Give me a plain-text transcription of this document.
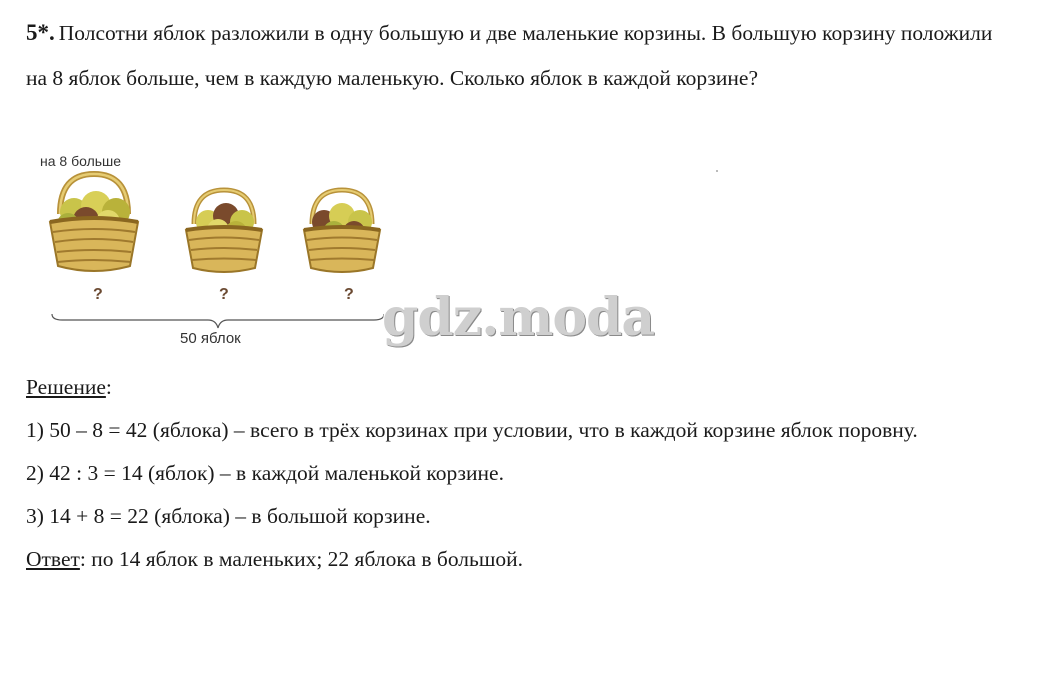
5*. Полсотни яблок разложили в одну большую и две маленькие корзины. В большую корзину положили на 8 яблок больше, чем в каждую маленькую. Сколько яблок в каждой корзине?
на 8 больше
?	?	?
50 яблок	gdz.moda

Решение:

1) 50 – 8 = 42 (яблока) – всего в трёх корзинах при условии, что в каждой корзине яблок поровну.

2) 42 : 3 = 14 (яблок) – в каждой маленькой корзине.

3) 14 + 8 = 22 (яблока) – в большой корзине.

Ответ: по 14 яблок в маленьких; 22 яблока в большой.
